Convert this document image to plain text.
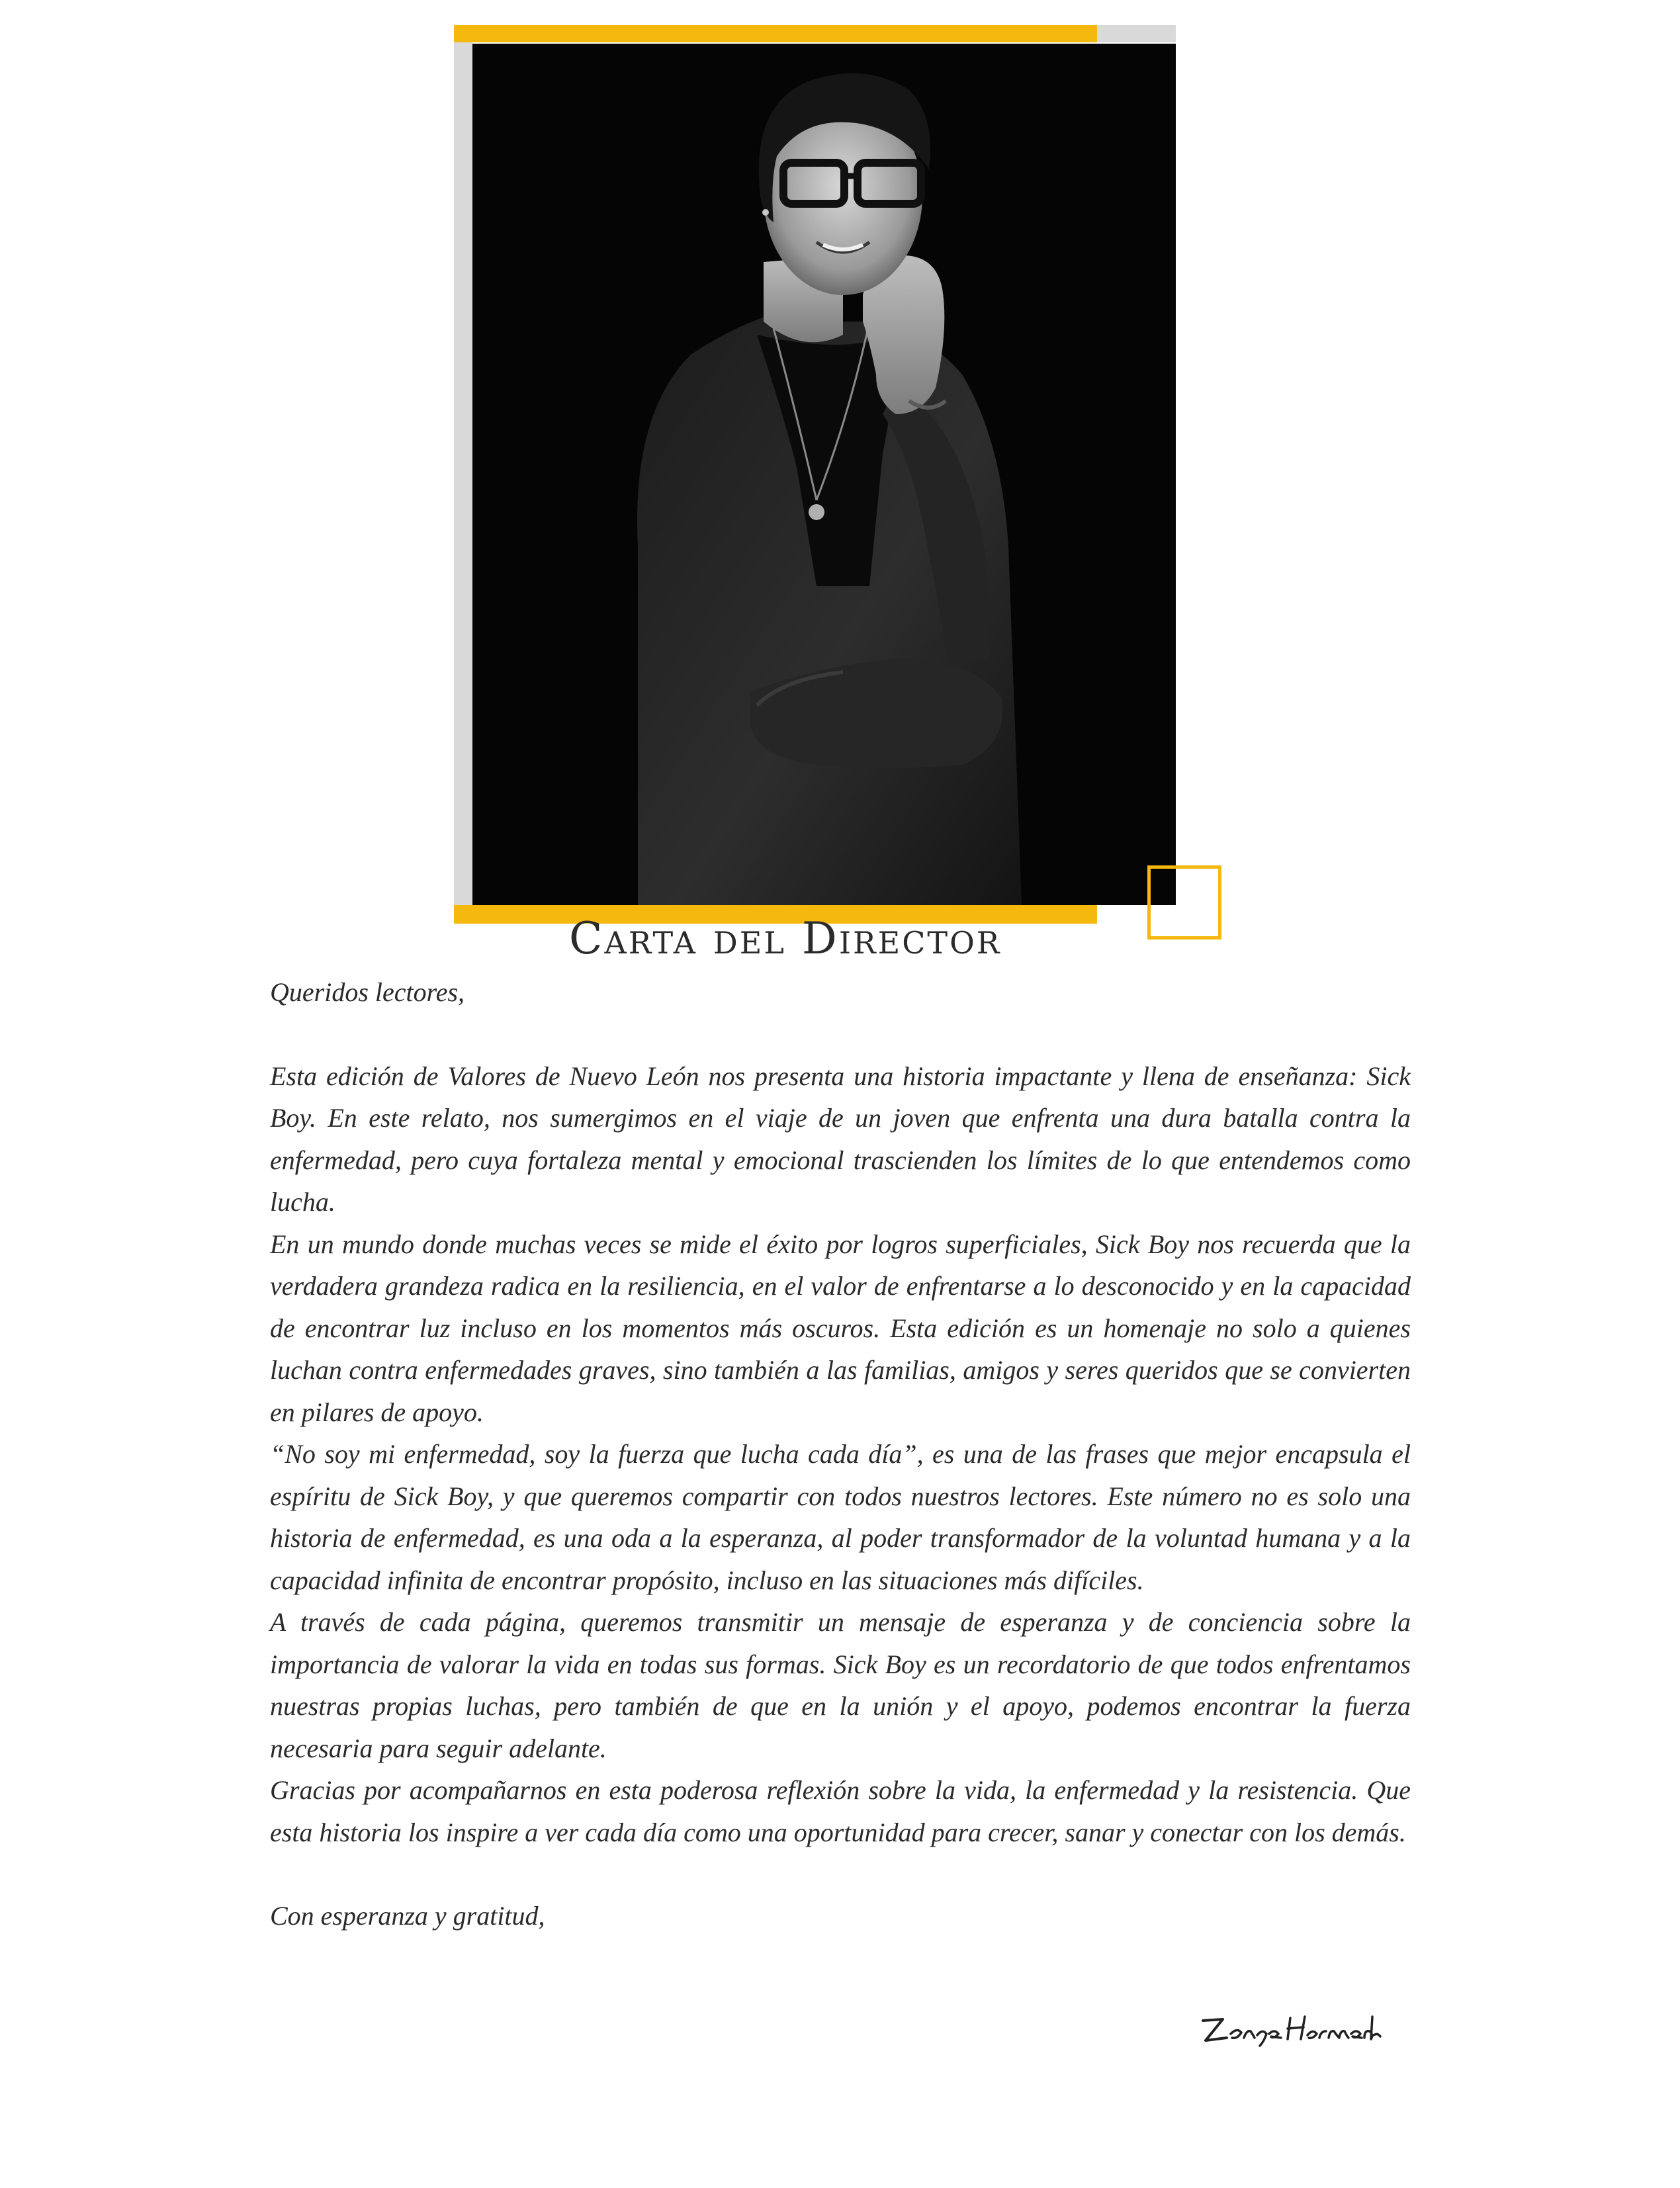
Carta del Director

Queridos lectores,

Esta edición de Valores de Nuevo León nos presenta una historia impactante y llena de enseñanza: Sick Boy. En este relato, nos sumergimos en el viaje de un joven que enfrenta una dura batalla contra la enfermedad, pero cuya fortaleza mental y emocional trascienden los límites de lo que entendemos como lucha.

En un mundo donde muchas veces se mide el éxito por logros superficiales, Sick Boy nos recuerda que la verdadera grandeza radica en la resiliencia, en el valor de enfrentarse a lo desconocido y en la capacidad de encontrar luz incluso en los momentos más oscuros. Esta edición es un homenaje no solo a quienes luchan contra enfermedades graves, sino también a las familias, amigos y seres queridos que se convierten en pilares de apoyo.

“No soy mi enfermedad, soy la fuerza que lucha cada día”, es una de las frases que mejor encapsula el espíritu de Sick Boy, y que queremos compartir con todos nuestros lectores. Este número no es solo una historia de enfermedad, es una oda a la esperanza, al poder transformador de la voluntad humana y a la capacidad infinita de encontrar propósito, incluso en las situaciones más difíciles.

A través de cada página, queremos transmitir un mensaje de esperanza y de conciencia sobre la importancia de valorar la vida en todas sus formas. Sick Boy es un recordatorio de que todos enfrentamos nuestras propias luchas, pero también de que en la unión y el apoyo, podemos encontrar la fuerza necesaria para seguir adelante.

Gracias por acompañarnos en esta poderosa reflexión sobre la vida, la enfermedad y la resistencia. Que esta historia los inspire a ver cada día como una oportunidad para crecer, sanar y conectar con los demás.

Con esperanza y gratitud,
